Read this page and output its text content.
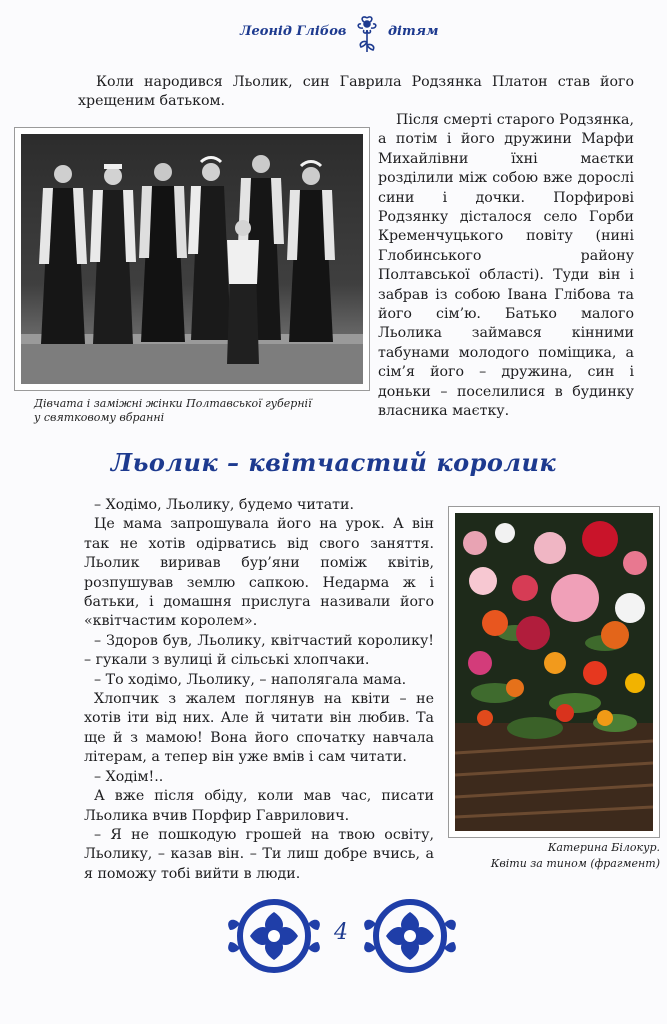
Леонід Глібов	дітям

Коли народився Льолик, син Гаврила Родзянка Платон став його хрещеним батьком.

Дівчата і заміжні жінки Полтавської губернії
у святковому вбранні

Після смерті старого Родзянка, а потім і його дружини Марфи Михайлівни їхні маєтки розділили між собою вже дорослі сини і дочки. Порфирові Родзянку дісталося село Горби Кременчуцького повіту (нині Глобинського району Полтавської області). Туди він і забрав із собою Івана Глібова та його сім’ю. Батько малого Льолика займався кінними табунами молодого поміщика, а сім’я його – дружина, син і доньки – поселилися в будинку власника маєтку.

Льолик – квітчастий королик

– Ходімо, Льолику, будемо читати.

Це мама запрошувала його на урок. А він так не хотів одірватись від свого заняття. Льолик виривав бур’яни поміж квітів, розпушував землю сапкою. Недарма ж і батьки, і домашня прислуга називали його «квітчастим королем».

– Здоров був, Льолику, квітчастий королику! – гукали з вулиці й сільські хлопчаки.

– То ходімо, Льолику, – наполягала мама.

Хлопчик з жалем поглянув на квіти – не хотів іти від них. Але й читати він любив. Та ще й з мамою! Вона його спочатку навчала літерам, а тепер він уже вмів і сам читати.

– Ходім!..

А вже після обіду, коли мав час, писати Льолика вчив Порфир Гаврилович.

– Я не пошкодую грошей на твою освіту, Льолику, – казав він. – Ти лиш добре вчись, а я поможу тобі вийти в люди.

Катерина Білокур.
Квіти за тином (фрагмент)
4
